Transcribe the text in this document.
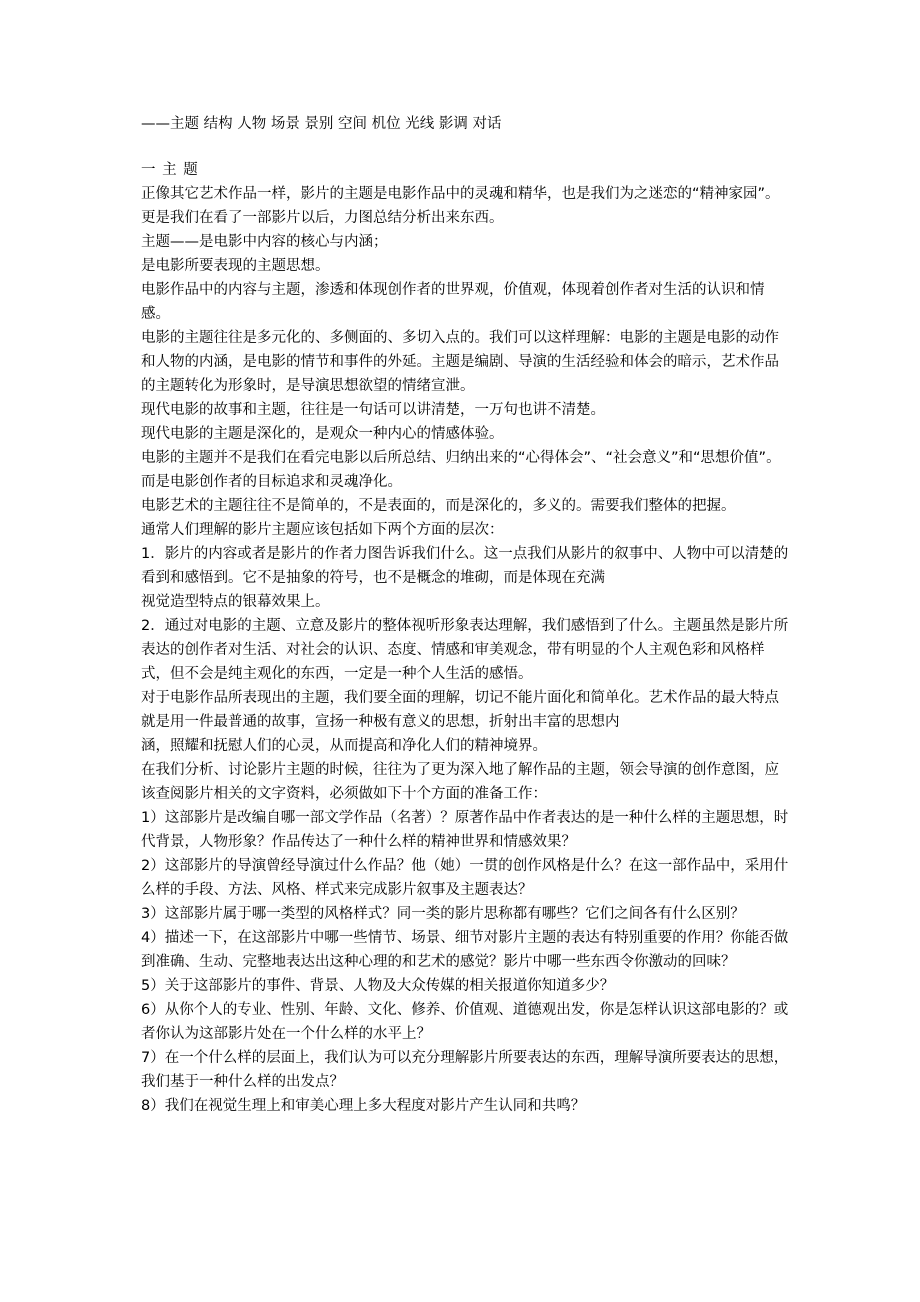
——主题 结构 人物 场景 景别 空间 机位 光线 影调 对话

一 主 题

正像其它艺术作品一样，影片的主题是电影作品中的灵魂和精华，也是我们为之迷恋的“精神家园”。更是我们在看了一部影片以后，力图总结分析出来东西。

主题——是电影中内容的核心与内涵；

是电影所要表现的主题思想。

电影作品中的内容与主题，渗透和体现创作者的世界观，价值观，体现着创作者对生活的认识和情感。

电影的主题往往是多元化的、多侧面的、多切入点的。我们可以这样理解：电影的主题是电影的动作和人物的内涵，是电影的情节和事件的外延。主题是编剧、导演的生活经验和体会的暗示，艺术作品的主题转化为形象时，是导演思想欲望的情绪宣泄。

现代电影的故事和主题，往往是一句话可以讲清楚，一万句也讲不清楚。

现代电影的主题是深化的，是观众一种内心的情感体验。

电影的主题并不是我们在看完电影以后所总结、归纳出来的“心得体会”、“社会意义”和“思想价值”。而是电影创作者的目标追求和灵魂净化。

电影艺术的主题往往不是简单的，不是表面的，而是深化的，多义的。需要我们整体的把握。

通常人们理解的影片主题应该包括如下两个方面的层次：

1．影片的内容或者是影片的作者力图告诉我们什么。这一点我们从影片的叙事中、人物中可以清楚的看到和感悟到。它不是抽象的符号，也不是概念的堆砌，而是体现在充满

视觉造型特点的银幕效果上。

2．通过对电影的主题、立意及影片的整体视听形象表达理解，我们感悟到了什么。主题虽然是影片所表达的创作者对生活、对社会的认识、态度、情感和审美观念，带有明显的个人主观色彩和风格样式，但不会是纯主观化的东西，一定是一种个人生活的感悟。

对于电影作品所表现出的主题，我们要全面的理解，切记不能片面化和简单化。艺术作品的最大特点就是用一件最普通的故事，宣扬一种极有意义的思想，折射出丰富的思想内

涵，照耀和抚慰人们的心灵，从而提高和净化人们的精神境界。

在我们分析、讨论影片主题的时候，往往为了更为深入地了解作品的主题，领会导演的创作意图，应该查阅影片相关的文字资料，必须做如下十个方面的准备工作：

1）这部影片是改编自哪一部文学作品（名著）？原著作品中作者表达的是一种什么样的主题思想，时代背景，人物形象？作品传达了一种什么样的精神世界和情感效果？

2）这部影片的导演曾经导演过什么作品？他（她）一贯的创作风格是什么？在这一部作品中，采用什么样的手段、方法、风格、样式来完成影片叙事及主题表达？

3）这部影片属于哪一类型的风格样式？同一类的影片思称都有哪些？它们之间各有什么区别？

4）描述一下，在这部影片中哪一些情节、场景、细节对影片主题的表达有特别重要的作用？你能否做到准确、生动、完整地表达出这种心理的和艺术的感觉？影片中哪一些东西令你激动的回味？

5）关于这部影片的事件、背景、人物及大众传媒的相关报道你知道多少？

6）从你个人的专业、性别、年龄、文化、修养、价值观、道德观出发，你是怎样认识这部电影的？或者你认为这部影片处在一个什么样的水平上？

7）在一个什么样的层面上，我们认为可以充分理解影片所要表达的东西，理解导演所要表达的思想，我们基于一种什么样的出发点？

8）我们在视觉生理上和审美心理上多大程度对影片产生认同和共鸣？
